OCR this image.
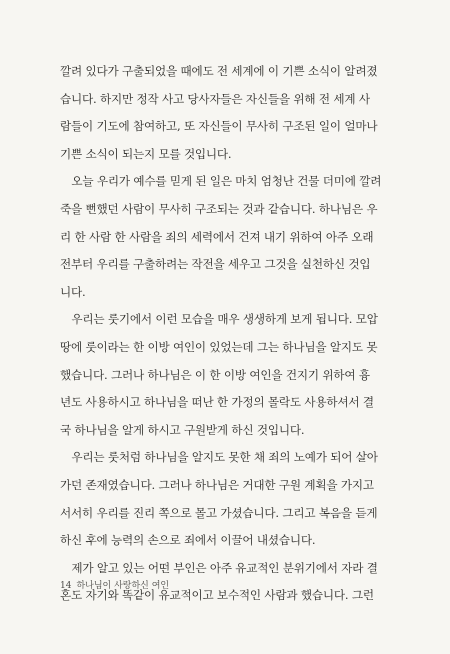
깔려 있다가 구출되었을 때에도 전 세계에 이 기쁜 소식이 알려졌
습니다. 하지만 정작 사고 당사자들은 자신들을 위해 전 세계 사
람들이 기도에 참여하고, 또 자신들이 무사히 구조된 일이 얼마나
기쁜 소식이 되는지 모를 것입니다.
　오늘 우리가 예수를 믿게 된 일은 마치 엄청난 건물 더미에 깔려
죽을 뻔했던 사람이 무사히 구조되는 것과 같습니다. 하나님은 우
리 한 사람 한 사람을 죄의 세력에서 건져 내기 위하여 아주 오래
전부터 우리를 구출하려는 작전을 세우고 그것을 실천하신 것입
니다.
　우리는 룻기에서 이런 모습을 매우 생생하게 보게 됩니다. 모압
땅에 룻이라는 한 이방 여인이 있었는데 그는 하나님을 알지도 못
했습니다. 그러나 하나님은 이 한 이방 여인을 건지기 위하여 흉
년도 사용하시고 하나님을 떠난 한 가정의 몰락도 사용하셔서 결
국 하나님을 알게 하시고 구원받게 하신 것입니다.
　우리는 룻처럼 하나님을 알지도 못한 채 죄의 노예가 되어 살아
가던 존재였습니다. 그러나 하나님은 거대한 구원 계획을 가지고
서서히 우리를 진리 쪽으로 몰고 가셨습니다. 그리고 복음을 듣게
하신 후에 능력의 손으로 죄에서 이끌어 내셨습니다.
　제가 알고 있는 어떤 부인은 아주 유교적인 분위기에서 자라 결
혼도 자기와 똑같이 유교적이고 보수적인 사람과 했습니다. 그런
14 하나님이 사랑하신 여인
